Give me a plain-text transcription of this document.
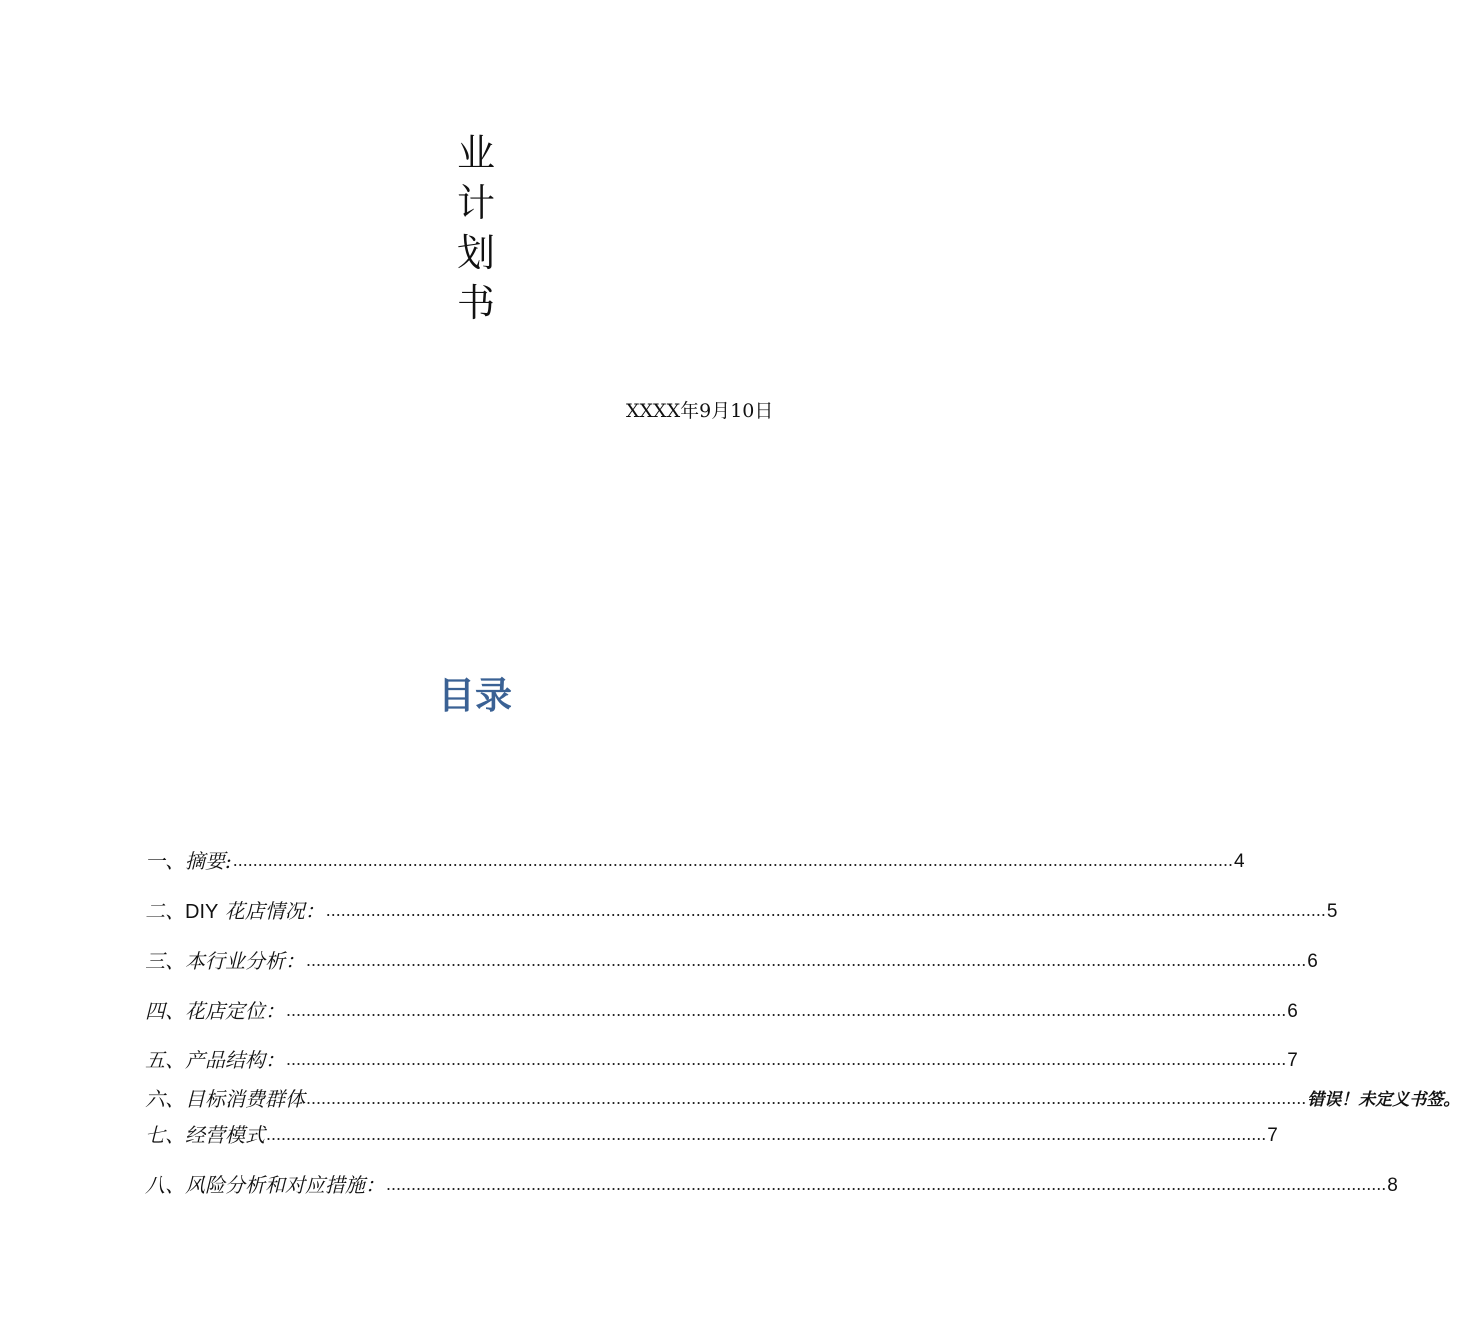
业
计
划
书
XXXX年9月10日
目录
一、摘要: ........................................................................................................................................................................................................ 4
二、DIY 花店情况： ........................................................................................................................................................................................................ 5
三、本行业分析： ........................................................................................................................................................................................................ 6
四、花店定位： ........................................................................................................................................................................................................ 6
五、产品结构： ........................................................................................................................................................................................................ 7
六、目标消费群体 ........................................................................................................................................................................................................ 错误！未定义书签。
七、经营模式 ........................................................................................................................................................................................................ 7
八、风险分析和对应措施： ........................................................................................................................................................................................................ 8
